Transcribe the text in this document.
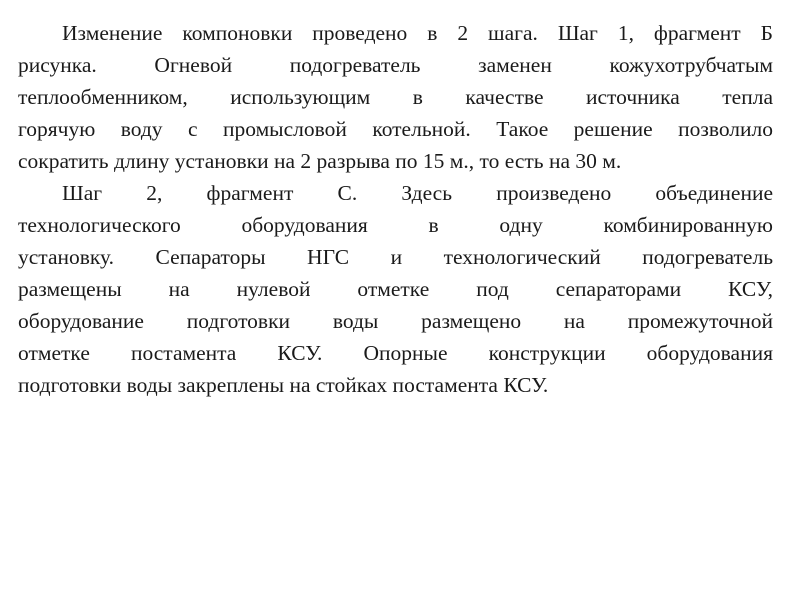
Изменение компоновки проведено в 2 шага. Шаг 1, фрагмент Б
рисунка. Огневой подогреватель заменен кожухотрубчатым
теплообменником, использующим в качестве источника тепла
горячую воду с промысловой котельной. Такое решение позволило
сократить длину установки на 2 разрыва по 15 м., то есть на 30 м.
Шаг 2, фрагмент С. Здесь произведено объединение
технологического оборудования в одну комбинированную
установку. Сепараторы НГС и технологический подогреватель
размещены на нулевой отметке под сепараторами КСУ,
оборудование подготовки воды размещено на промежуточной
отметке постамента КСУ. Опорные конструкции оборудования
подготовки воды закреплены на стойках постамента КСУ.
